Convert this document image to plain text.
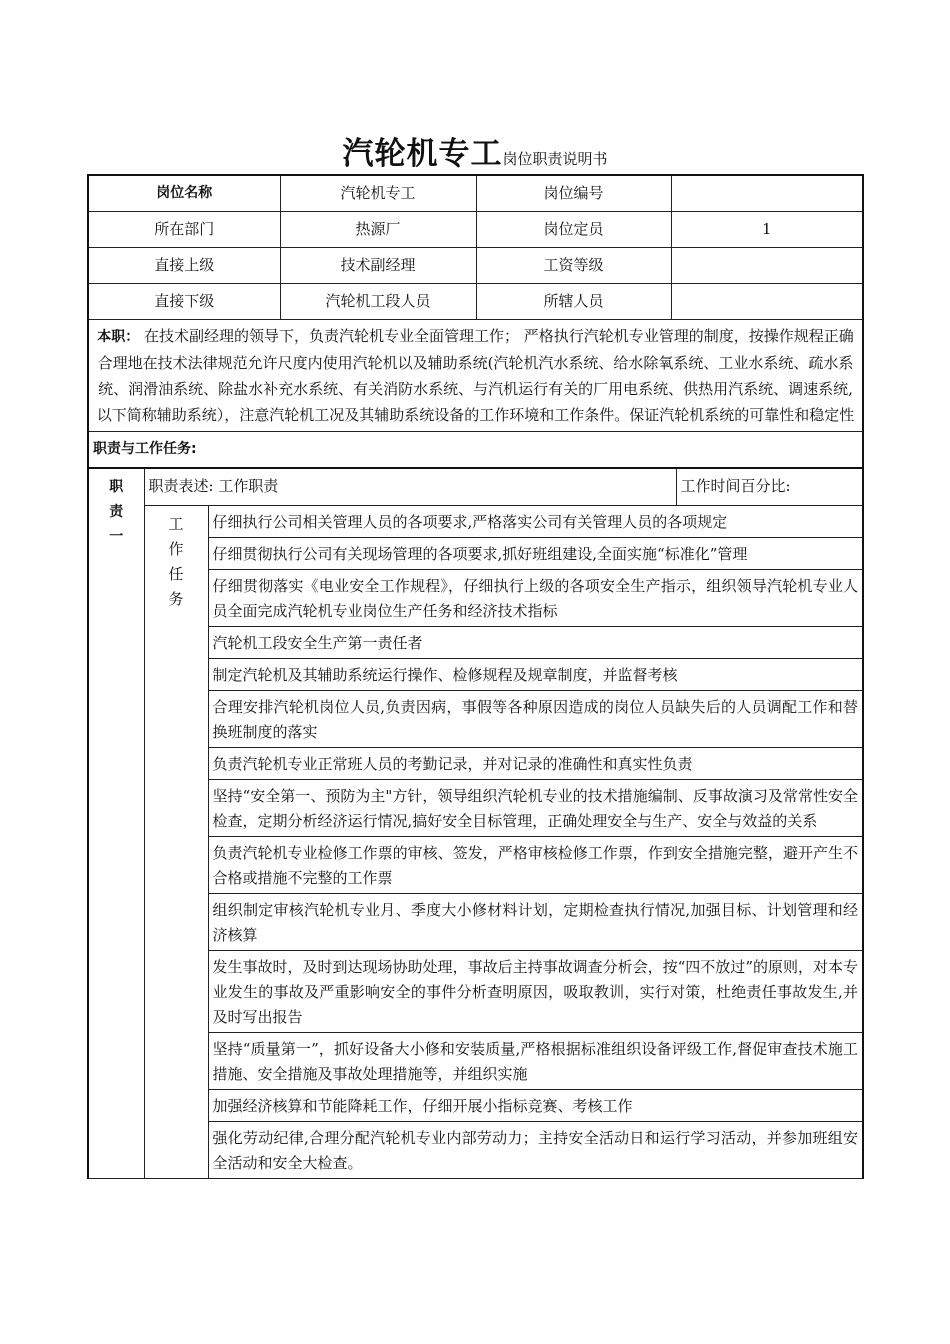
汽轮机专工岗位职责说明书
岗位名称	汽轮机专工	岗位编号	
所在部门	热源厂	岗位定员	1
直接上级	技术副经理	工资等级	
直接下级	汽轮机工段人员	所辖人员	
本职： 在技术副经理的领导下，负责汽轮机专业全面管理工作； 严格执行汽轮机专业管理的制度，按操作规程正确合理地在技术法律规范允许尺度内使用汽轮机以及辅助系统(汽轮机汽水系统、给水除氧系统、工业水系统、疏水系统、润滑油系统、除盐水补充水系统、有关消防水系统、与汽机运行有关的厂用电系统、供热用汽系统、调速系统,以下简称辅助系统），注意汽轮机工况及其辅助系统设备的工作环境和工作条件。保证汽轮机系统的可靠性和稳定性			
职责与工作任务:			
职
责
一	职责表述: 工作职责		工作时间百分比:

	工
作
任
务	仔细执行公司相关管理人员的各项要求,严格落实公司有关管理人员的各项规定	
		仔细贯彻执行公司有关现场管理的各项要求,抓好班组建设,全面实施“标准化”管理	
		仔细贯彻落实《电业安全工作规程》，仔细执行上级的各项安全生产指示，组织领导汽轮机专业人员全面完成汽轮机专业岗位生产任务和经济技术指标	
		汽轮机工段安全生产第一责任者	
		制定汽轮机及其辅助系统运行操作、检修规程及规章制度，并监督考核	
		合理安排汽轮机岗位人员,负责因病，事假等各种原因造成的岗位人员缺失后的人员调配工作和替换班制度的落实	
		负责汽轮机专业正常班人员的考勤记录，并对记录的准确性和真实性负责	
		坚持“安全第一、预防为主"方针，领导组织汽轮机专业的技术措施编制、反事故演习及常常性安全检查，定期分析经济运行情况,搞好安全目标管理，正确处理安全与生产、安全与效益的关系	
		负责汽轮机专业检修工作票的审核、签发，严格审核检修工作票，作到安全措施完整，避开产生不合格或措施不完整的工作票	
		组织制定审核汽轮机专业月、季度大小修材料计划，定期检查执行情况,加强目标、计划管理和经济核算	
		发生事故时，及时到达现场协助处理，事故后主持事故调查分析会，按“四不放过”的原则，对本专业发生的事故及严重影响安全的事件分析查明原因，吸取教训，实行对策，杜绝责任事故发生,并及时写出报告	
		坚持“质量第一”，抓好设备大小修和安装质量,严格根据标准组织设备评级工作,督促审查技术施工措施、安全措施及事故处理措施等，并组织实施	
		加强经济核算和节能降耗工作，仔细开展小指标竞赛、考核工作	
		强化劳动纪律,合理分配汽轮机专业内部劳动力；主持安全活动日和运行学习活动，并参加班组安全活动和安全大检查。	
